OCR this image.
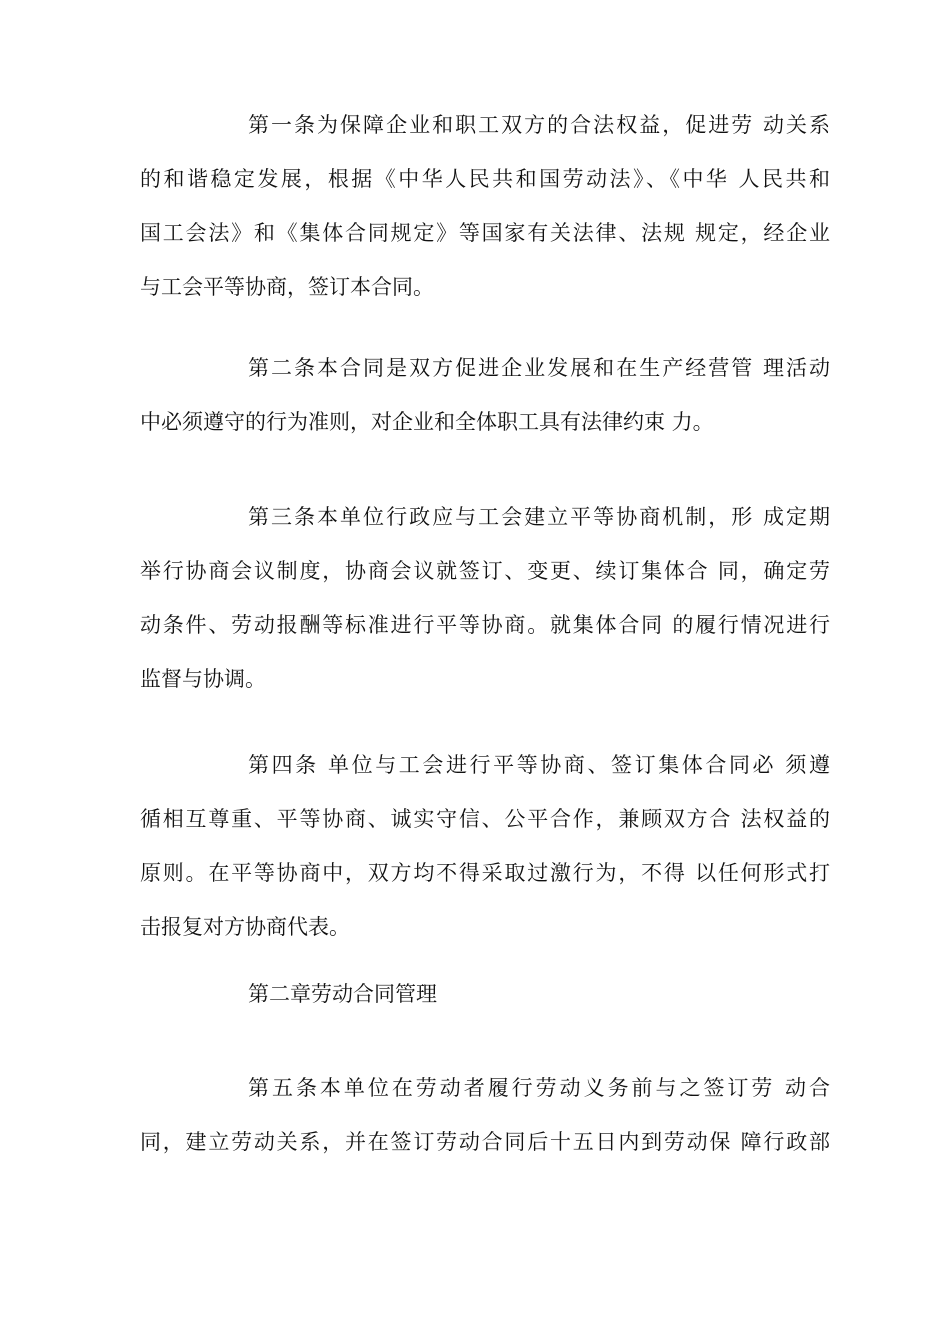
第一条为保障企业和职工双方的合法权益，促进劳 动关系
的和谐稳定发展，根据《中华人民共和国劳动法》、《中华 人民共和
国工会法》和《集体合同规定》等国家有关法律、法规 规定，经企业
与工会平等协商，签订本合同。
第二条本合同是双方促进企业发展和在生产经营管 理活动
中必须遵守的行为准则，对企业和全体职工具有法律约束 力。
第三条本单位行政应与工会建立平等协商机制，形 成定期
举行协商会议制度，协商会议就签订、变更、续订集体合 同，确定劳
动条件、劳动报酬等标准进行平等协商。就集体合同 的履行情况进行
监督与协调。
第四条 单位与工会进行平等协商、签订集体合同必 须遵
循相互尊重、平等协商、诚实守信、公平合作，兼顾双方合 法权益的
原则。在平等协商中，双方均不得采取过激行为，不得 以任何形式打
击报复对方协商代表。

第二章劳动合同管理

第五条本单位在劳动者履行劳动义务前与之签订劳 动合
同，建立劳动关系，并在签订劳动合同后十五日内到劳动保 障行政部
